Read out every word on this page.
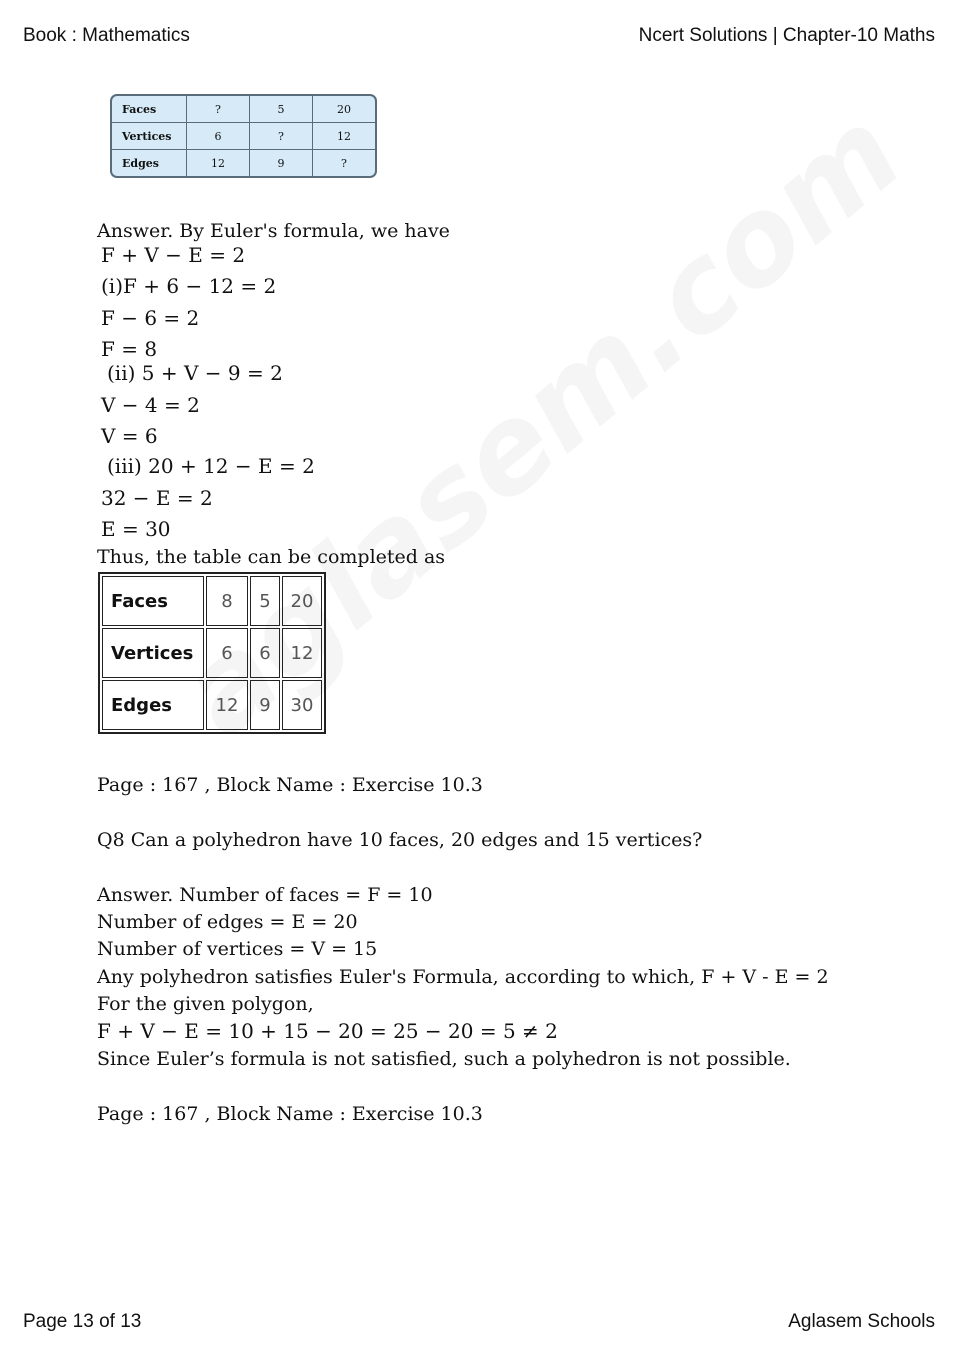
Book : Mathematics	Ncert Solutions | Chapter-10 Maths
Faces	?	5	20
Vertices	6	?	12
Edges	12	9	?
Answer. By Euler's formula, we have
F + V − E = 2
(i)F + 6 − 12 = 2
F − 6 = 2
F = 8
(ii) 5 + V − 9 = 2
V − 4 = 2
V = 6
(iii) 20 + 12 − E = 2
32 − E = 2
E = 30
Thus, the table can be completed as
Faces	8	5	20
Vertices	6	6	12
Edges	12	9	30
Page : 167 , Block Name : Exercise 10.3
Q8 Can a polyhedron have 10 faces, 20 edges and 15 vertices?
Answer. Number of faces = F = 10
Number of edges = E = 20
Number of vertices = V = 15
Any polyhedron satisfies Euler's Formula, according to which, F + V - E = 2
For the given polygon,
F + V − E = 10 + 15 − 20 = 25 − 20 = 5 ≠ 2
Since Euler’s formula is not satisfied, such a polyhedron is not possible.
Page : 167 , Block Name : Exercise 10.3
Page 13 of 13	Aglasem Schools
